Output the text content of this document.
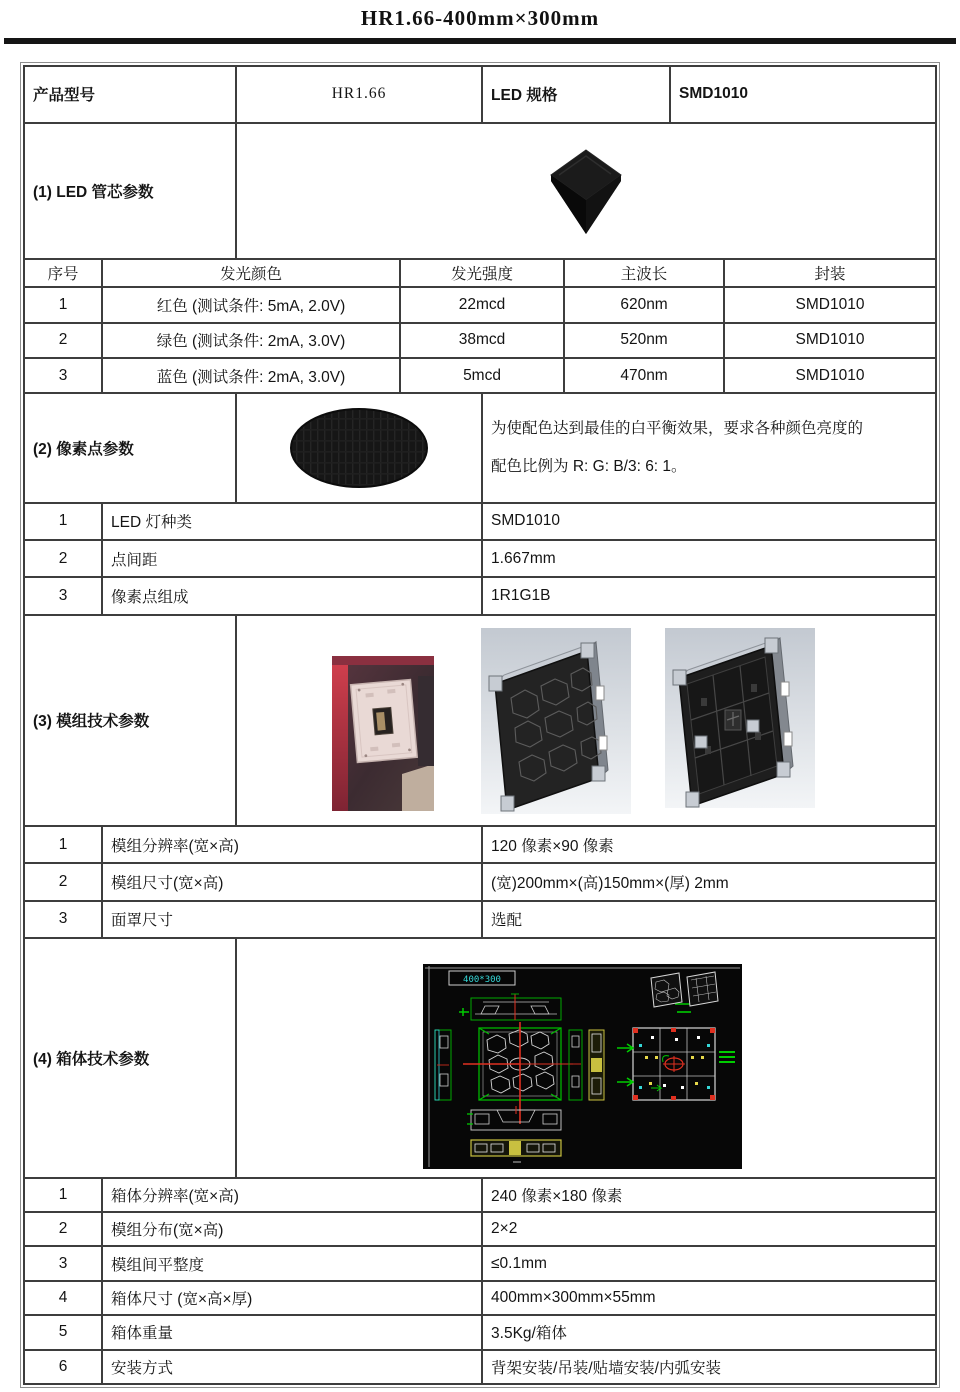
HR1.66-400mm×300mm
产品型号		HR1.66		LED 规格		SMD1010	
(1) LED 管芯参数	

序号	发光颜色		发光强度		主波长		封装
1	红色 (测试条件: 5mA, 2.0V)		22mcd		620nm		SMD1010
2	绿色 (测试条件: 2mA, 3.0V)		38mcd		520nm		SMD1010
3	蓝色 (测试条件: 2mA, 3.0V)		5mcd		470nm		SMD1010
(2) 像素点参数				为使配色达到最佳的白平衡效果，要求各种颜色亮度的
配色比例为 R: G: B/3: 6: 1。			
1	LED 灯种类			SMD1010			
2	点间距			1.667mm			
3	像素点组成			1R1G1B			
(3) 模组技术参数	

1	模组分辨率(宽×高)			120 像素×90 像素			
2	模组尺寸(宽×高)			(宽)200mm×(高)150mm×(厚) 2mm			
3	面罩尺寸			选配			
(4) 箱体技术参数		400*300					

1	箱体分辨率(宽×高)			240 像素×180 像素			
2	模组分布(宽×高)			2×2			
3	模组间平整度			≤0.1mm			
4	箱体尺寸 (宽×高×厚)			400mm×300mm×55mm			
5	箱体重量			3.5Kg/箱体			
6	安装方式			背架安装/吊装/贴墙安装/内弧安装			
